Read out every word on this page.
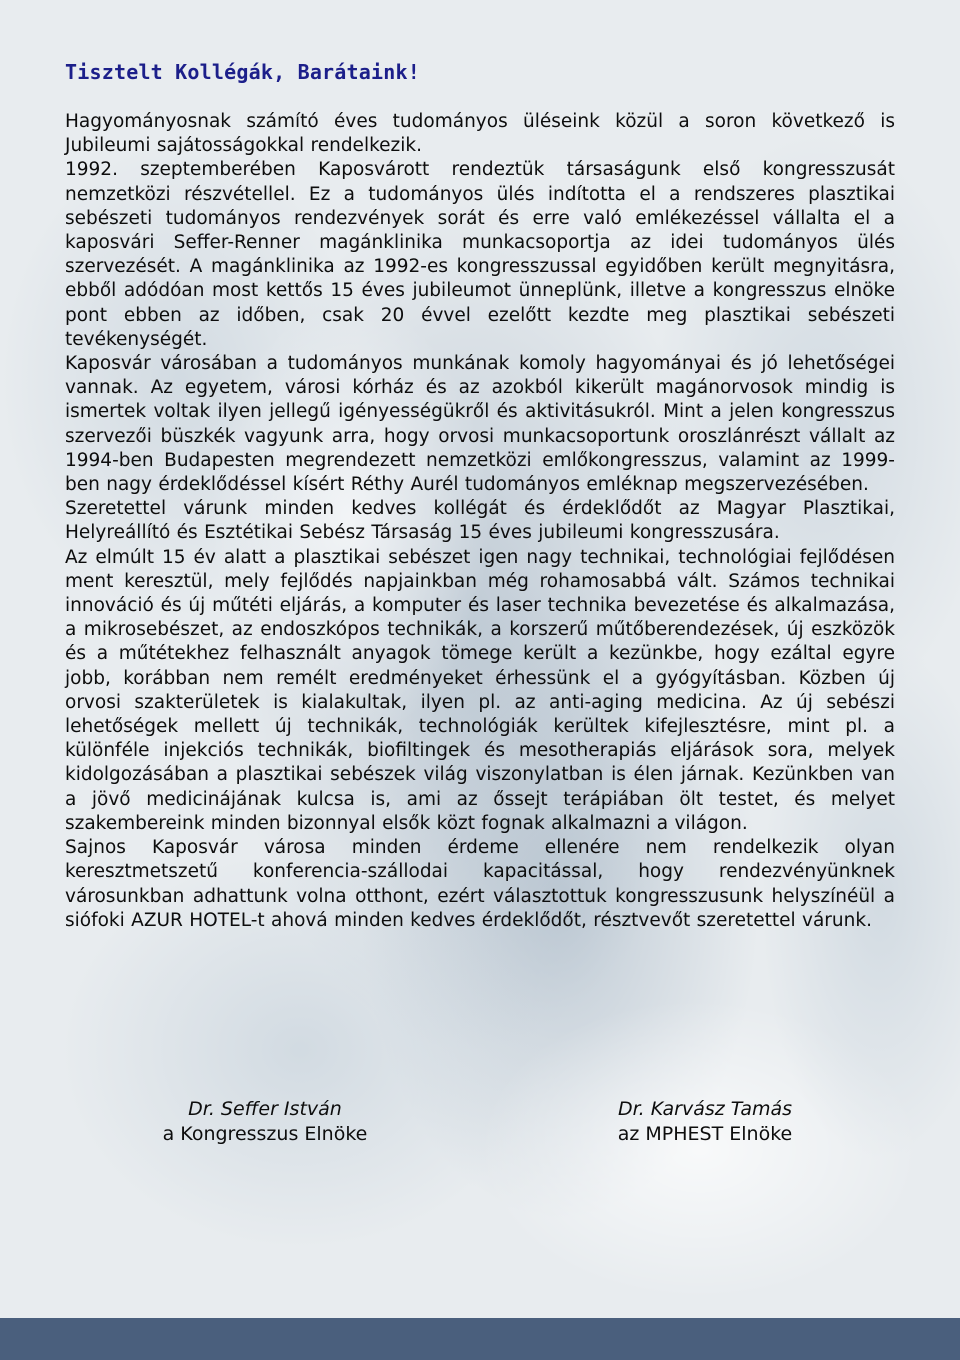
Tisztelt Kollégák, Barátaink!

Hagyományosnak számító éves tudományos üléseink közül a soron következő is Jubileumi sajátosságokkal rendelkezik.

1992. szeptemberében Kaposvárott rendeztük társaságunk első kongresszusát nemzetközi részvétellel. Ez a tudományos ülés indította el a rendszeres plasztikai sebészeti tudományos rendezvények sorát és erre való emlékezéssel vállalta el a kaposvári Seffer-Renner magánklinika munkacsoportja az idei tudományos ülés szervezését. A magánklinika az 1992-es kongresszussal egyidőben került megnyitásra, ebből adódóan most kettős 15 éves jubileumot ünneplünk, illetve a kongresszus elnöke pont ebben az időben, csak 20 évvel ezelőtt kezdte meg plasztikai sebészeti tevékenységét.

Kaposvár városában a tudományos munkának komoly hagyományai és jó lehetőségei vannak. Az egyetem, városi kórház és az azokból kikerült magánorvosok mindig is ismertek voltak ilyen jellegű igényességükről és aktivitásukról. Mint a jelen kongresszus szervezői büszkék vagyunk arra, hogy orvosi munkacsoportunk oroszlánrészt vállalt az 1994-ben Budapesten megrendezett nemzetközi emlőkongresszus, valamint az 1999-ben nagy érdeklődéssel kísért Réthy Aurél tudományos emléknap megszervezésében.

Szeretettel várunk minden kedves kollégát és érdeklődőt az Magyar Plasztikai, Helyreállító és Esztétikai Sebész Társaság 15 éves jubileumi kongresszusára.

Az elmúlt 15 év alatt a plasztikai sebészet igen nagy technikai, technológiai fejlődésen ment keresztül, mely fejlődés napjainkban még rohamosabbá vált. Számos technikai innováció és új műtéti eljárás, a komputer és laser technika bevezetése és alkalmazása, a mikrosebészet, az endoszkópos technikák, a korszerű műtőberendezések, új eszközök és a műtétekhez felhasznált anyagok tömege került a kezünkbe, hogy ezáltal egyre jobb, korábban nem remélt eredményeket érhessünk el a gyógyításban. Közben új orvosi szakterületek is kialakultak, ilyen pl. az anti-aging medicina. Az új sebészi lehetőségek mellett új technikák, technológiák kerültek kifejlesztésre, mint pl. a különféle injekciós technikák, biofiltingek és mesotherapiás eljárások sora, melyek kidolgozásában a plasztikai sebészek világ viszonylatban is élen járnak. Kezünkben van a jövő medicinájának kulcsa is, ami az őssejt terápiában ölt testet, és melyet szakembereink minden bizonnyal elsők közt fognak alkalmazni a világon.

Sajnos Kaposvár városa minden érdeme ellenére nem rendelkezik olyan keresztmetszetű konferencia-szállodai kapacitással, hogy rendezvényünknek városunkban adhattunk volna otthont, ezért választottuk kongresszusunk helyszínéül a siófoki AZUR HOTEL-t ahová minden kedves érdeklődőt, résztvevőt szeretettel várunk.

Dr. Seffer István
a Kongresszus Elnöke
Dr. Karvász Tamás
az MPHEST Elnöke
